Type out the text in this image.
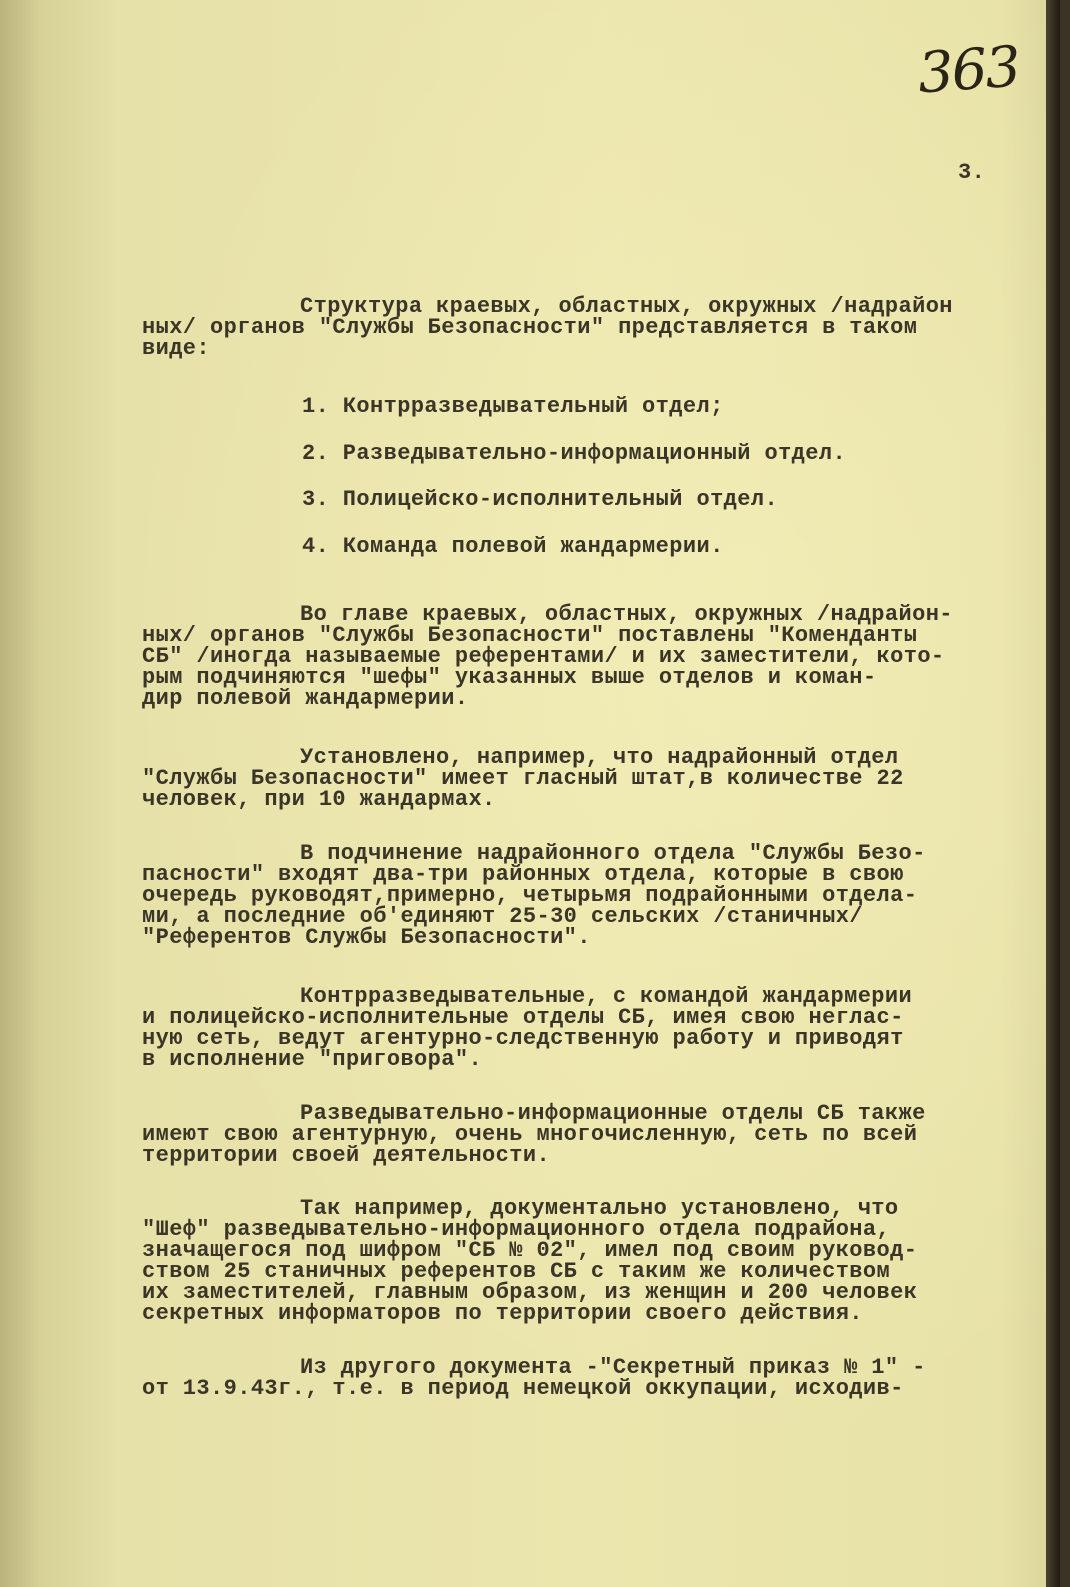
363
3.
Структура краевых, областных, окружных /надрайон
ных/ органов "Службы Безопасности" представляется в таком
виде:
1. Контрразведывательный отдел;
2. Разведывательно-информационный отдел.
3. Полицейско-исполнительный отдел.
4. Команда полевой жандармерии.
Во главе краевых, областных, окружных /надрайон-
ных/ органов "Службы Безопасности" поставлены "Коменданты
СБ" /иногда называемые референтами/ и их заместители, кото-
рым подчиняются "шефы" указанных выше отделов и коман-
дир полевой жандармерии.
Установлено, например, что надрайонный отдел
"Службы Безопасности" имеет гласный штат,в количестве 22
человек, при 10 жандармах.
В подчинение надрайонного отдела "Службы Безо-
пасности" входят два-три районных отдела, которые в свою
очередь руководят,примерно, четырьмя подрайонными отдела-
ми, а последние об'единяют 25-30 сельских /станичных/
"Референтов Службы Безопасности".
Контрразведывательные, с командой жандармерии
и полицейско-исполнительные отделы СБ, имея свою неглас-
ную сеть, ведут агентурно-следственную работу и приводят
в исполнение "приговора".
Разведывательно-информационные отделы СБ также
имеют свою агентурную, очень многочисленную, сеть по всей
территории своей деятельности.
Так например, документально установлено, что
"Шеф" разведывательно-информационного отдела подрайона,
значащегося под шифром "СБ № 02", имел под своим руковод-
ством 25 станичных референтов СБ с таким же количеством
их заместителей, главным образом, из женщин и 200 человек
секретных информаторов по территории своего действия.
Из другого документа -"Секретный приказ № 1" -
от 13.9.43г., т.е. в период немецкой оккупации, исходив-
